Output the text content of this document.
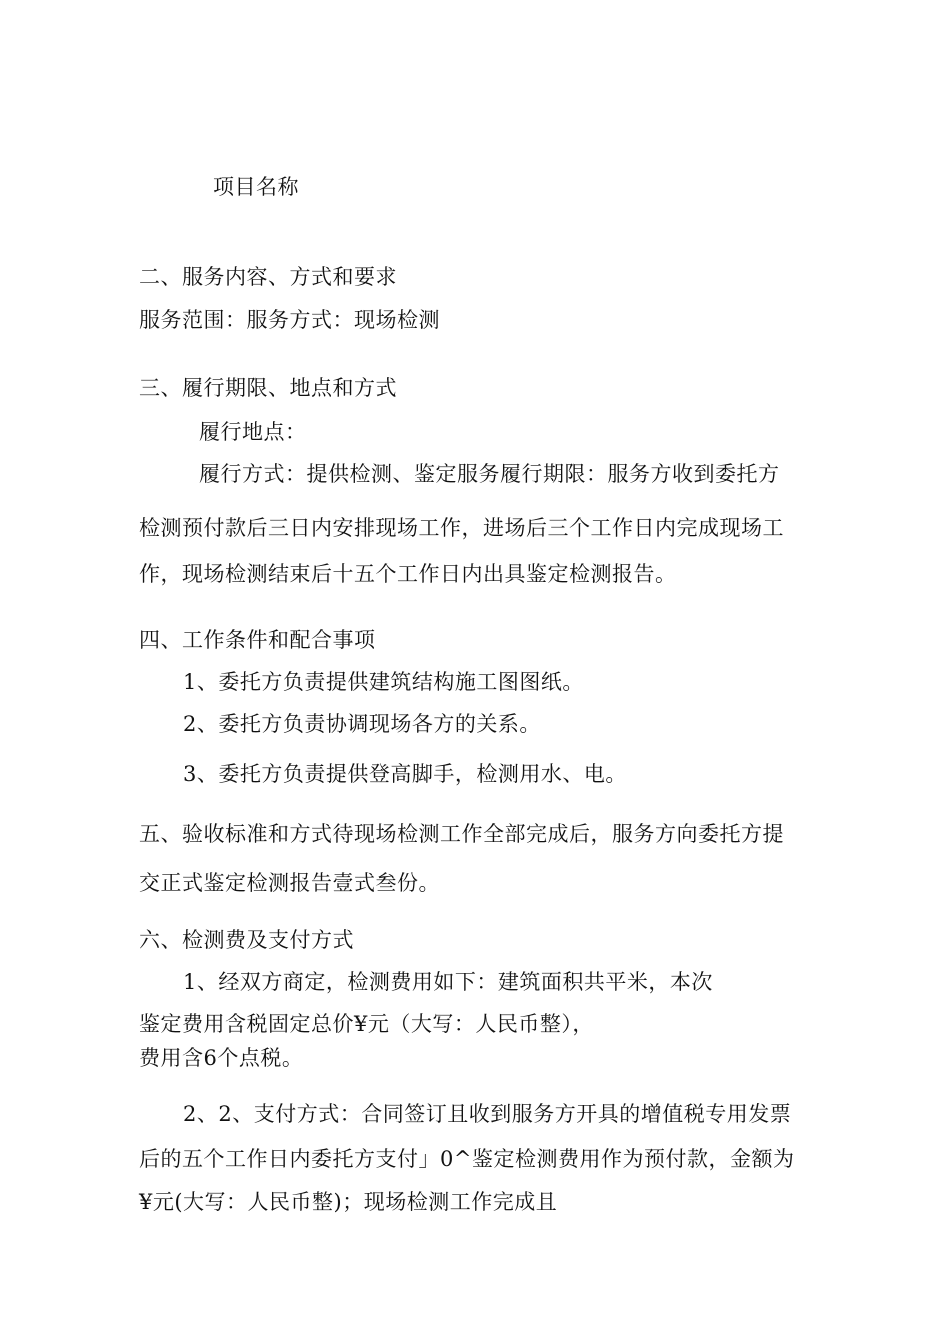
项目名称
二、服务内容、方式和要求
服务范围：服务方式：现场检测
三、履行期限、地点和方式
履行地点：
履行方式：提供检测、鉴定服务履行期限：服务方收到委托方
检测预付款后三日内安排现场工作，进场后三个工作日内完成现场工
作，现场检测结束后十五个工作日内出具鉴定检测报告。
四、工作条件和配合事项
1、委托方负责提供建筑结构施工图图纸。
2、委托方负责协调现场各方的关系。
3、委托方负责提供登高脚手，检测用水、电。
五、验收标准和方式待现场检测工作全部完成后，服务方向委托方提
交正式鉴定检测报告壹式叁份。
六、检测费及支付方式
1、经双方商定，检测费用如下：建筑面积共平米，本次
鉴定费用含税固定总价¥元（大写：人民币整），
费用含6个点税。
2、2、支付方式：合同签订且收到服务方开具的增值税专用发票
后的五个工作日内委托方支付」0^鉴定检测费用作为预付款，金额为
¥元(大写：人民币整)；现场检测工作完成且
